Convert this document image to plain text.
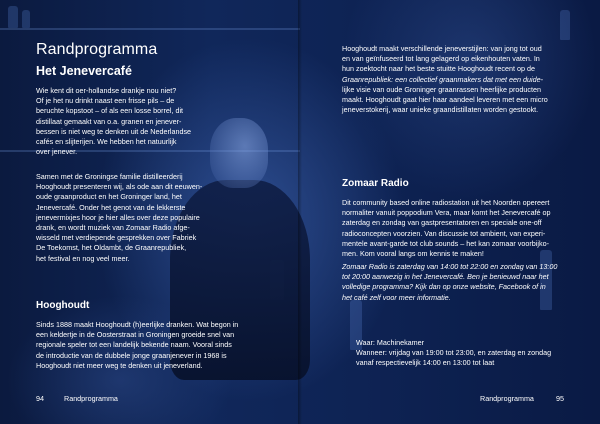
Randprogramma
Het Jenevercafé
Wie kent dit oer-hollandse drankje nou niet?
Of je het nu drinkt naast een frisse pils – de
beruchte kopstoot – of als een losse borrel, dit
distillaat gemaakt van o.a. granen en jenever-
bessen is niet weg te denken uit de Nederlandse
cafés en slijterijen. We hebben het natuurlijk
over jenever.
Samen met de Groningse familie distilleerderij
Hooghoudt presenteren wij, als ode aan dit eeuwen-
oude graanproduct en het Groninger land, het
Jenevercafé. Onder het genot van de lekkerste
jenevermixjes hoor je hier alles over deze populaire
drank, en wordt muziek van Zomaar Radio afge-
wisseld met verdiepende gesprekken over Fabriek
De Toekomst, het Oldambt, de Graanrepubliek,
het festival en nog veel meer.
Hooghoudt
Sinds 1888 maakt Hooghoudt (h)eerlijke dranken. Wat begon in
een keldertje in de Oosterstraat in Groningen groeide snel van
regionale speler tot een landelijk bekende naam. Vooral sinds
de introductie van de dubbele jonge graanjenever in 1968 is
Hooghoudt niet meer weg te denken uit jeneverland.
94	Randprogramma
Hooghoudt maakt verschillende jeneverstijlen: van jong tot oud
en van geïnfuseerd tot lang gelagerd op eikenhouten vaten. In
hun zoektocht naar het beste stuitte Hooghoudt recent op de
Graanrepubliek: een collectief graanmakers dat met een duide-
lijke visie van oude Groninger graanrassen heerlijke producten
maakt. Hooghoudt gaat hier haar aandeel leveren met een micro
jeneverstokerij, waar unieke graandistillaten worden gestookt.
Zomaar Radio
Dit community based online radiostation uit het Noorden opereert
normaliter vanuit poppodium Vera, maar komt het Jenevercafé op
zaterdag en zondag van gastpresentatoren en speciale one-off
radioconcepten voorzien. Van discussie tot ambient, van experi-
mentele avant-garde tot club sounds – het kan zomaar voorbijko-
men. Kom vooral langs om kennis te maken!
Zomaar Radio is zaterdag van 14:00 tot 22:00 en zondag van 13:00
tot 20:00 aanwezig in het Jenevercafé. Ben je benieuwd naar het
volledige programma? Kijk dan op onze website, Facebook of in
het café zelf voor meer informatie.
Waar: Machinekamer
Wanneer: vrijdag van 19:00 tot 23:00, en zaterdag en zondag
vanaf respectievelijk 14:00 en 13:00 tot laat
Randprogramma	95
